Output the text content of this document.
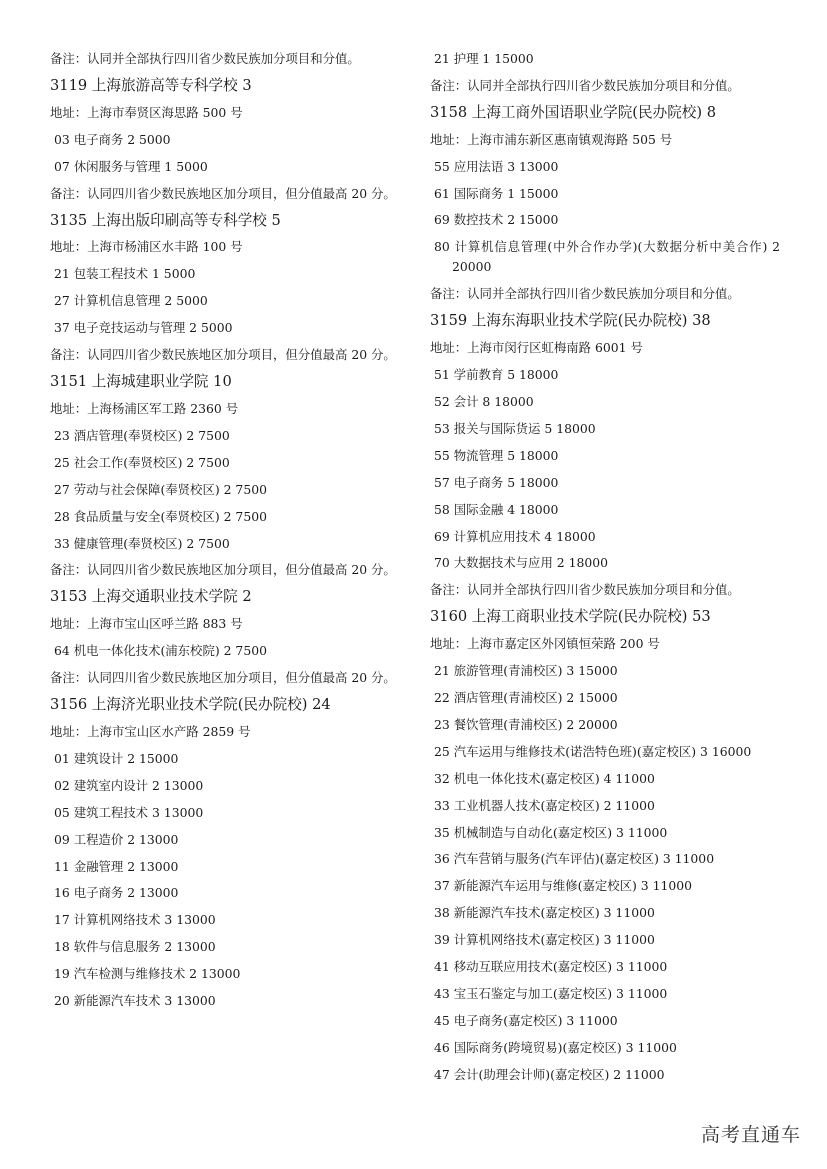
备注：认同并全部执行四川省少数民族加分项目和分值。
3119 上海旅游高等专科学校 3
地址：上海市奉贤区海思路 500 号
03 电子商务 2 5000
07 休闲服务与管理 1 5000
备注：认同四川省少数民族地区加分项目，但分值最高 20 分。
3135 上海出版印刷高等专科学校 5
地址：上海市杨浦区水丰路 100 号
21 包装工程技术 1 5000
27 计算机信息管理 2 5000
37 电子竞技运动与管理 2 5000
备注：认同四川省少数民族地区加分项目，但分值最高 20 分。
3151 上海城建职业学院 10
地址：上海杨浦区军工路 2360 号
23 酒店管理(奉贤校区) 2 7500
25 社会工作(奉贤校区) 2 7500
27 劳动与社会保障(奉贤校区) 2 7500
28 食品质量与安全(奉贤校区) 2 7500
33 健康管理(奉贤校区) 2 7500
备注：认同四川省少数民族地区加分项目，但分值最高 20 分。
3153 上海交通职业技术学院 2
地址：上海市宝山区呼兰路 883 号
64 机电一体化技术(浦东校院) 2 7500
备注：认同四川省少数民族地区加分项目，但分值最高 20 分。
3156 上海济光职业技术学院(民办院校) 24
地址：上海市宝山区水产路 2859 号
01 建筑设计 2 15000
02 建筑室内设计 2 13000
05 建筑工程技术 3 13000
09 工程造价 2 13000
11 金融管理 2 13000
16 电子商务 2 13000
17 计算机网络技术 3 13000
18 软件与信息服务 2 13000
19 汽车检测与维修技术 2 13000
20 新能源汽车技术 3 13000
21 护理 1 15000
备注：认同并全部执行四川省少数民族加分项目和分值。
3158 上海工商外国语职业学院(民办院校) 8
地址：上海市浦东新区惠南镇观海路 505 号
55 应用法语 3 13000
61 国际商务 1 15000
69 数控技术 2 15000
80 计算机信息管理(中外合作办学)(大数据分析中美合作) 2 20000
备注：认同并全部执行四川省少数民族加分项目和分值。
3159 上海东海职业技术学院(民办院校) 38
地址：上海市闵行区虹梅南路 6001 号
51 学前教育 5 18000
52 会计 8 18000
53 报关与国际货运 5 18000
55 物流管理 5 18000
57 电子商务 5 18000
58 国际金融 4 18000
69 计算机应用技术 4 18000
70 大数据技术与应用 2 18000
备注：认同并全部执行四川省少数民族加分项目和分值。
3160 上海工商职业技术学院(民办院校) 53
地址：上海市嘉定区外冈镇恒荣路 200 号
21 旅游管理(青浦校区) 3 15000
22 酒店管理(青浦校区) 2 15000
23 餐饮管理(青浦校区) 2 20000
25 汽车运用与维修技术(诺浩特色班)(嘉定校区) 3 16000
32 机电一体化技术(嘉定校区) 4 11000
33 工业机器人技术(嘉定校区) 2 11000
35 机械制造与自动化(嘉定校区) 3 11000
36 汽车营销与服务(汽车评估)(嘉定校区) 3 11000
37 新能源汽车运用与维修(嘉定校区) 3 11000
38 新能源汽车技术(嘉定校区) 3 11000
39 计算机网络技术(嘉定校区) 3 11000
41 移动互联应用技术(嘉定校区) 3 11000
43 宝玉石鉴定与加工(嘉定校区) 3 11000
45 电子商务(嘉定校区) 3 11000
46 国际商务(跨境贸易)(嘉定校区) 3 11000
47 会计(助理会计师)(嘉定校区) 2 11000
高考直通车
